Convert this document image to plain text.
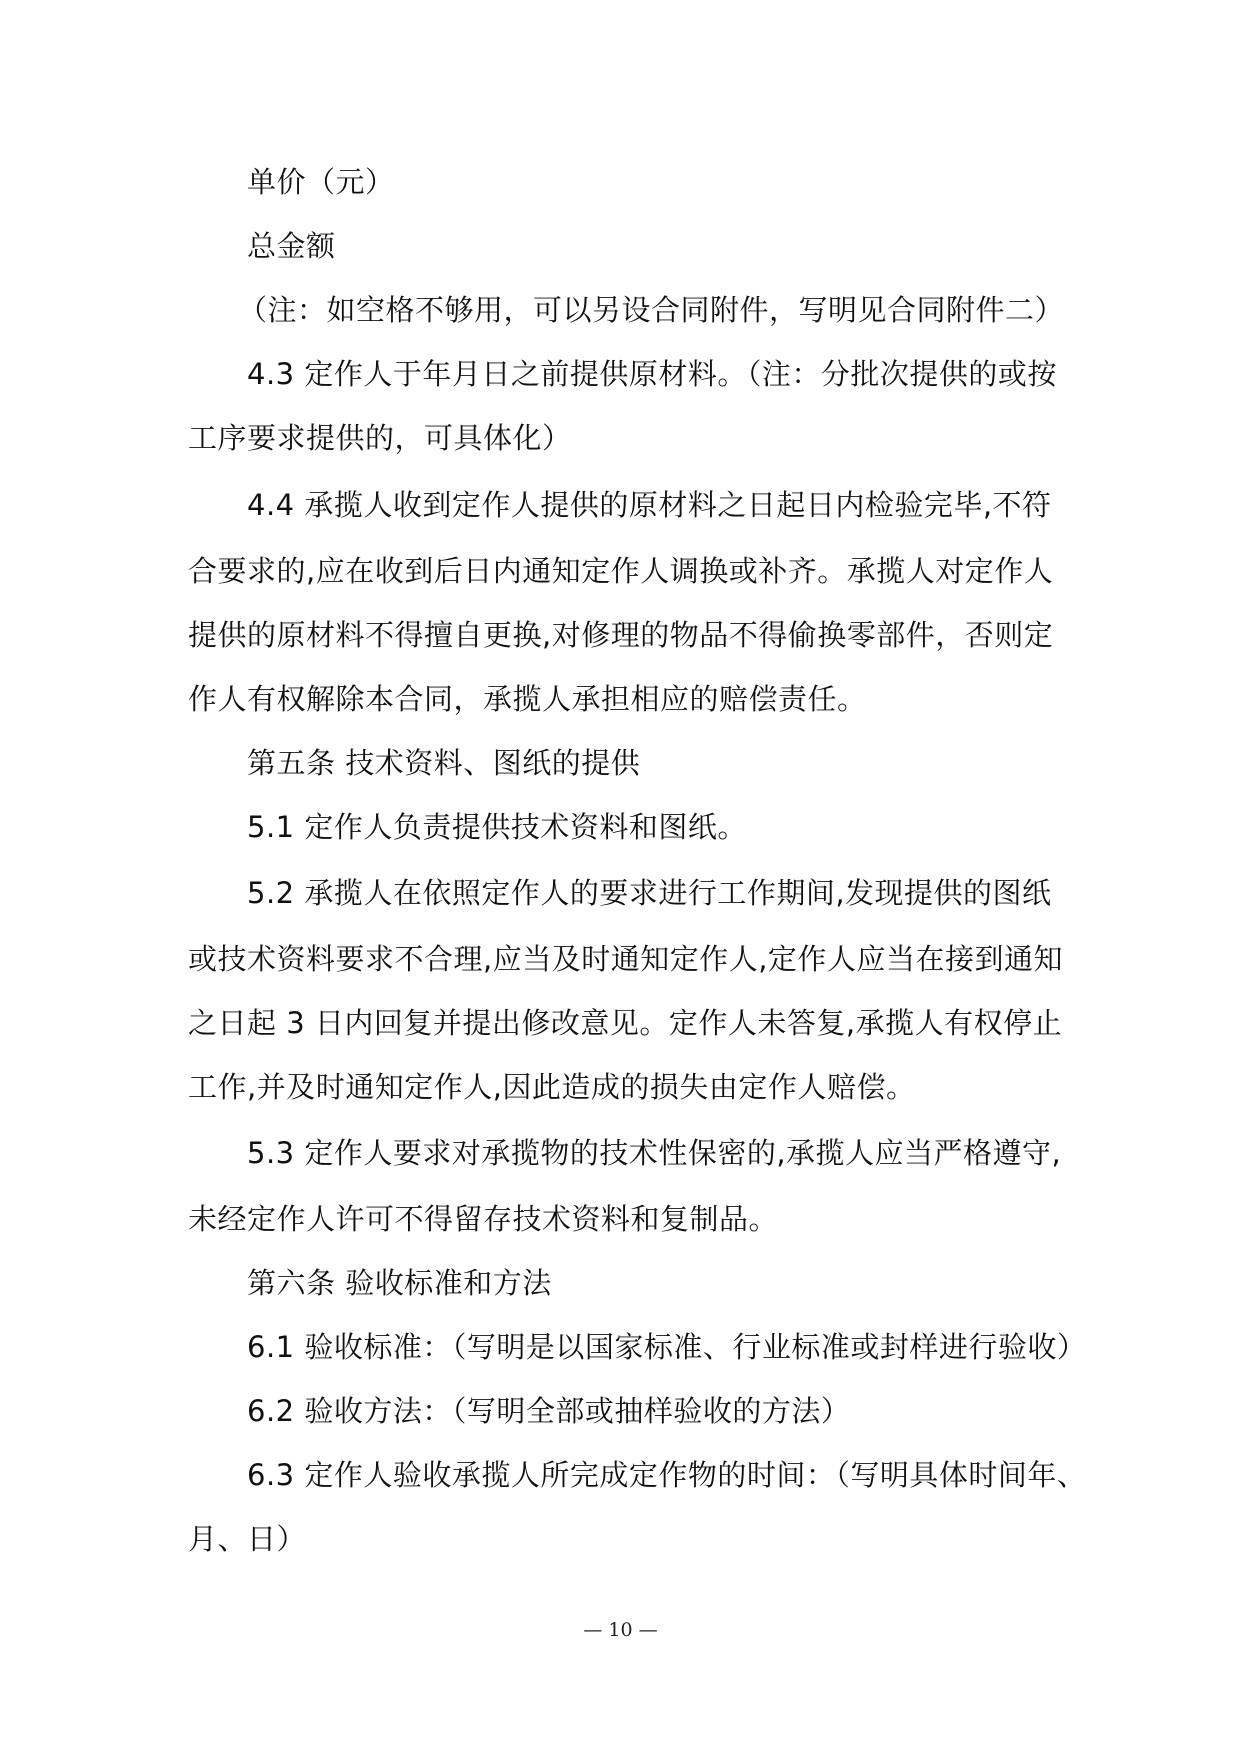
单价（元）
总金额
（注：如空格不够用，可以另设合同附件，写明见合同附件二）
4.3 定作人于年月日之前提供原材料。（注：分批次提供的或按
工序要求提供的，可具体化）
4.4 承揽人收到定作人提供的原材料之日起日内检验完毕,不符
合要求的,应在收到后日内通知定作人调换或补齐。承揽人对定作人
提供的原材料不得擅自更换,对修理的物品不得偷换零部件，否则定
作人有权解除本合同，承揽人承担相应的赔偿责任。
第五条 技术资料、图纸的提供
5.1 定作人负责提供技术资料和图纸。
5.2 承揽人在依照定作人的要求进行工作期间,发现提供的图纸
或技术资料要求不合理,应当及时通知定作人,定作人应当在接到通知
之日起 3 日内回复并提出修改意见。定作人未答复,承揽人有权停止
工作,并及时通知定作人,因此造成的损失由定作人赔偿。
5.3 定作人要求对承揽物的技术性保密的,承揽人应当严格遵守,
未经定作人许可不得留存技术资料和复制品。
第六条 验收标准和方法
6.1 验收标准：（写明是以国家标准、行业标准或封样进行验收）
6.2 验收方法：（写明全部或抽样验收的方法）
6.3 定作人验收承揽人所完成定作物的时间：（写明具体时间年、
月、日）
— 10 —
